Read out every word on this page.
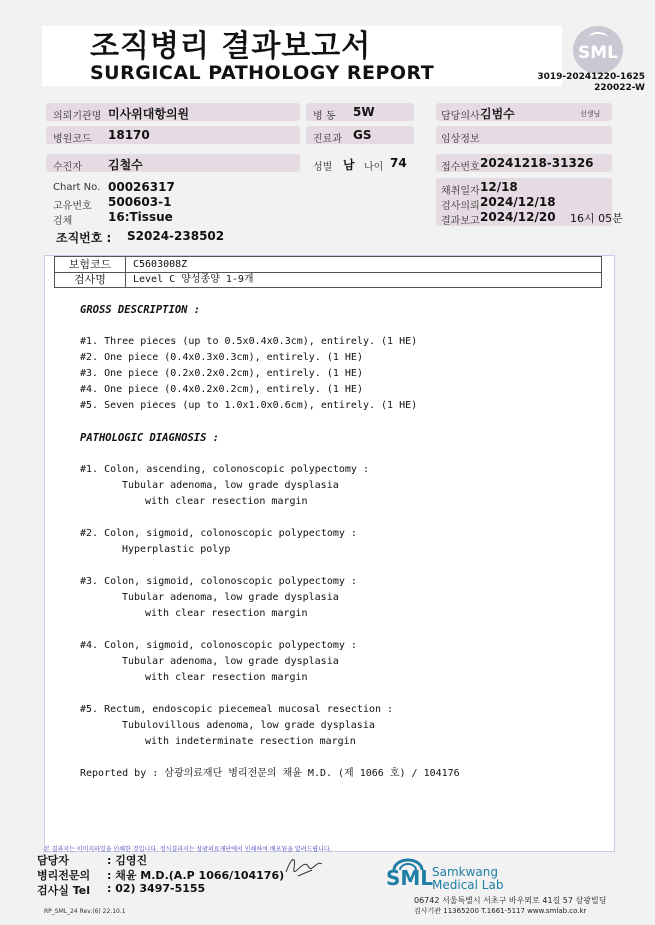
조직병리 결과보고서
SURGICAL PATHOLOGY REPORT
SML
3019-20241220-1625
220022-W
의뢰기관명 미사위대항의원	병 동 5W	담당의사 김범수	선생님
병원코드 18170	진료과 GS	임상정보
수진자 김철수	성별 남 나이 74	접수번호 20241218-31326
Chart No. 00026317
고유번호 500603-1
검체	16:Tissue
채취일자 12/18
검사의뢰 2024/12/18
결과보고 2024/12/20 16시 05분
조직번호 : S2024-238502
보험코드	C5603008Z
검사명	Level C 양성종양 1-9개
GROSS DESCRIPTION :
#1. Three pieces (up to 0.5x0.4x0.3cm), entirely. (1 HE)
#2. One piece (0.4x0.3x0.3cm), entirely. (1 HE)
#3. One piece (0.2x0.2x0.2cm), entirely. (1 HE)
#4. One piece (0.4x0.2x0.2cm), entirely. (1 HE)
#5. Seven pieces (up to 1.0x1.0x0.6cm), entirely. (1 HE)
PATHOLOGIC DIAGNOSIS :
#1. Colon, ascending, colonoscopic polypectomy :
Tubular adenoma, low grade dysplasia
with clear resection margin
#2. Colon, sigmoid, colonoscopic polypectomy :
Hyperplastic polyp
#3. Colon, sigmoid, colonoscopic polypectomy :
Tubular adenoma, low grade dysplasia
with clear resection margin
#4. Colon, sigmoid, colonoscopic polypectomy :
Tubular adenoma, low grade dysplasia
with clear resection margin
#5. Rectum, endoscopic piecemeal mucosal resection :
Tubulovillous adenoma, low grade dysplasia
with indeterminate resection margin
Reported by : 삼광의료재단 병리전문의 채윤 M.D. (제 1066 호) / 104176
본 결과지는 이미지파일을 인쇄한 것입니다. 정식결과지는 삼광의료재단에서 인쇄하여 배포됨을 알려드립니다.
담당자	: 김영진
병리전문의 : 채윤 M.D.(A.P 1066/104176)
검사실 Tel : 02) 3497-5155
RP_SML_24 Rev.(6) 22.10.1
SML
Samkwang
Medical Lab
06742 서울특별시 서초구 바우뫼로 41길 57 삼광빌딩
검사기관 11365200 T.1661-5117 www.smlab.co.kr
